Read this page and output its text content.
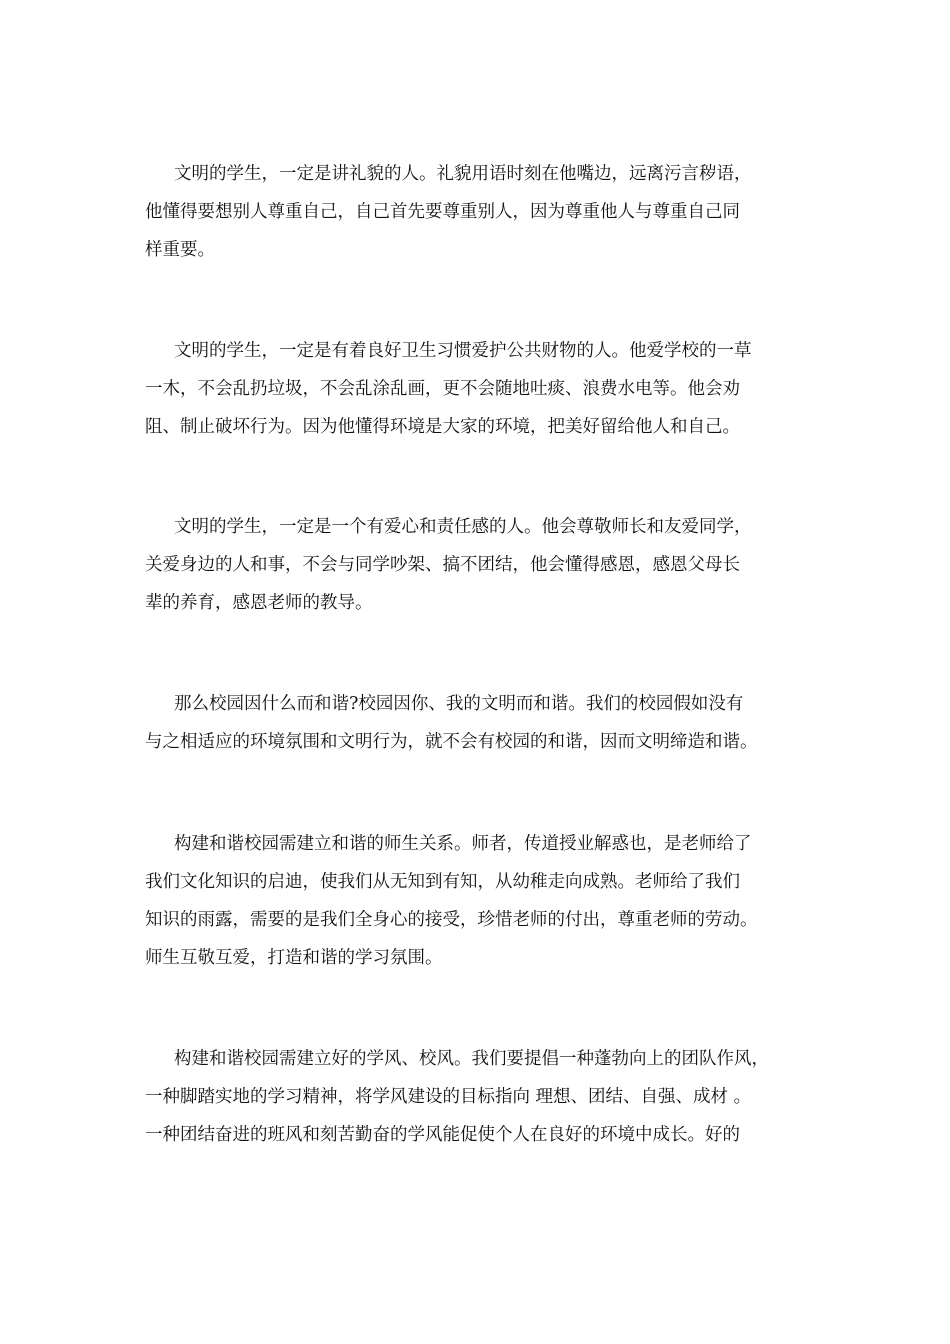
文明的学生，一定是讲礼貌的人。礼貌用语时刻在他嘴边，远离污言秽语，
他懂得要想别人尊重自己，自己首先要尊重别人，因为尊重他人与尊重自己同
样重要。
文明的学生，一定是有着良好卫生习惯爱护公共财物的人。他爱学校的一草
一木，不会乱扔垃圾，不会乱涂乱画，更不会随地吐痰、浪费水电等。他会劝
阻、制止破坏行为。因为他懂得环境是大家的环境，把美好留给他人和自己。
文明的学生，一定是一个有爱心和责任感的人。他会尊敬师长和友爱同学，
关爱身边的人和事，不会与同学吵架、搞不团结，他会懂得感恩，感恩父母长
辈的养育，感恩老师的教导。
那么校园因什么而和谐?校园因你、我的文明而和谐。我们的校园假如没有
与之相适应的环境氛围和文明行为，就不会有校园的和谐，因而文明缔造和谐。
构建和谐校园需建立和谐的师生关系。师者，传道授业解惑也，是老师给了
我们文化知识的启迪，使我们从无知到有知，从幼稚走向成熟。老师给了我们
知识的雨露，需要的是我们全身心的接受，珍惜老师的付出，尊重老师的劳动。
师生互敬互爱，打造和谐的学习氛围。
构建和谐校园需建立好的学风、校风。我们要提倡一种蓬勃向上的团队作风，
一种脚踏实地的学习精神，将学风建设的目标指向 理想、团结、自强、成材 。
一种团结奋进的班风和刻苦勤奋的学风能促使个人在良好的环境中成长。好的
